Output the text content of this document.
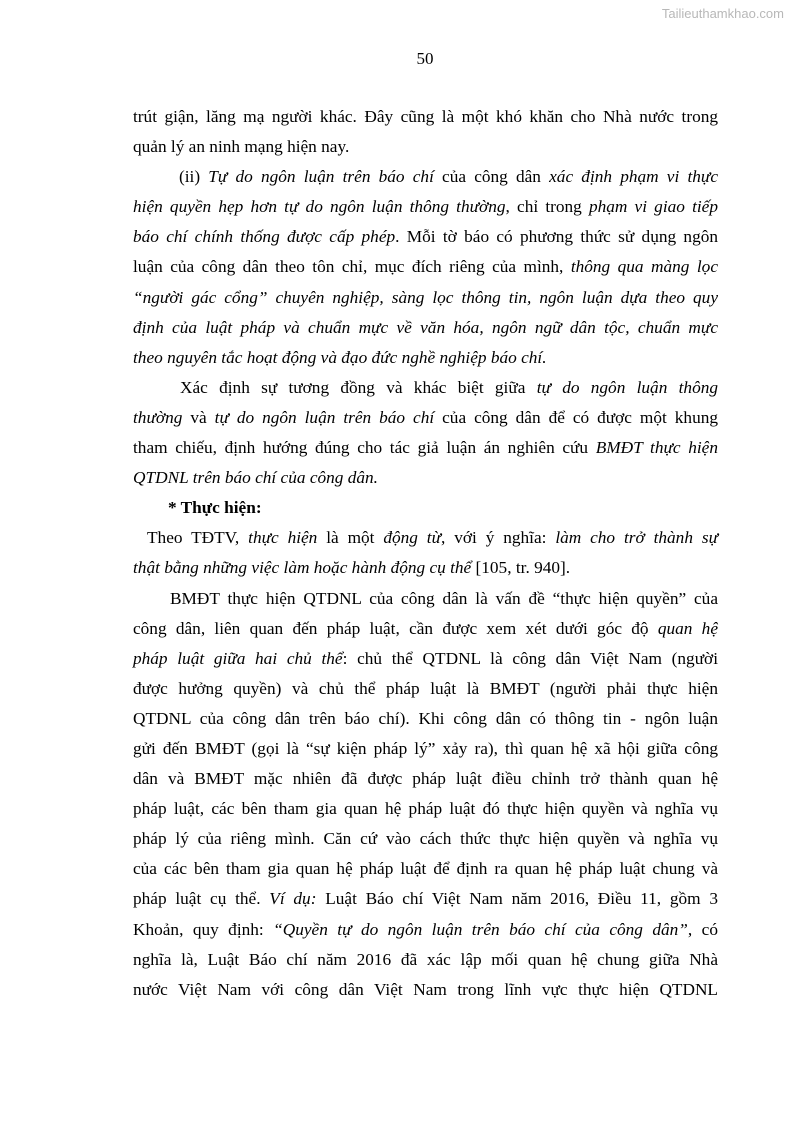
Tailieuthamkhao.com
50

trút giận, lăng mạ người khác. Đây cũng là một khó khăn cho Nhà nước trong

quản lý an ninh mạng hiện nay.

(ii) Tự do ngôn luận trên báo chí của công dân xác định phạm vi thực

hiện quyền hẹp hơn tự do ngôn luận thông thường, chỉ trong phạm vi giao tiếp

báo chí chính thống được cấp phép. Mỗi tờ báo có phương thức sử dụng ngôn

luận của công dân theo tôn chỉ, mục đích riêng của mình, thông qua màng lọc

“người gác cổng” chuyên nghiệp, sàng lọc thông tin, ngôn luận dựa theo quy

định của luật pháp và chuẩn mực về văn hóa, ngôn ngữ dân tộc, chuẩn mực

theo nguyên tắc hoạt động và đạo đức nghề nghiệp báo chí.

Xác định sự tương đồng và khác biệt giữa tự do ngôn luận thông

thường và tự do ngôn luận trên báo chí của công dân để có được một khung

tham chiếu, định hướng đúng cho tác giả luận án nghiên cứu BMĐT thực hiện

QTDNL trên báo chí của công dân.

* Thực hiện:

Theo TĐTV, thực hiện là một động từ, với ý nghĩa: làm cho trở thành sự

thật bằng những việc làm hoặc hành động cụ thể [105, tr. 940].

BMĐT thực hiện QTDNL của công dân là vấn đề “thực hiện quyền” của

công dân, liên quan đến pháp luật, cần được xem xét dưới góc độ quan hệ

pháp luật giữa hai chủ thể: chủ thể QTDNL là công dân Việt Nam (người

được hưởng quyền) và chủ thể pháp luật là BMĐT (người phải thực hiện

QTDNL của công dân trên báo chí). Khi công dân có thông tin - ngôn luận

gửi đến BMĐT (gọi là “sự kiện pháp lý” xảy ra), thì quan hệ xã hội giữa công

dân và BMĐT mặc nhiên đã được pháp luật điều chỉnh trở thành quan hệ

pháp luật, các bên tham gia quan hệ pháp luật đó thực hiện quyền và nghĩa vụ

pháp lý của riêng mình. Căn cứ vào cách thức thực hiện quyền và nghĩa vụ

của các bên tham gia quan hệ pháp luật để định ra quan hệ pháp luật chung và

pháp luật cụ thể. Ví dụ: Luật Báo chí Việt Nam năm 2016, Điều 11, gồm 3

Khoản, quy định: “Quyền tự do ngôn luận trên báo chí của công dân”, có

nghĩa là, Luật Báo chí năm 2016 đã xác lập mối quan hệ chung giữa Nhà

nước Việt Nam với công dân Việt Nam trong lĩnh vực thực hiện QTDNL
